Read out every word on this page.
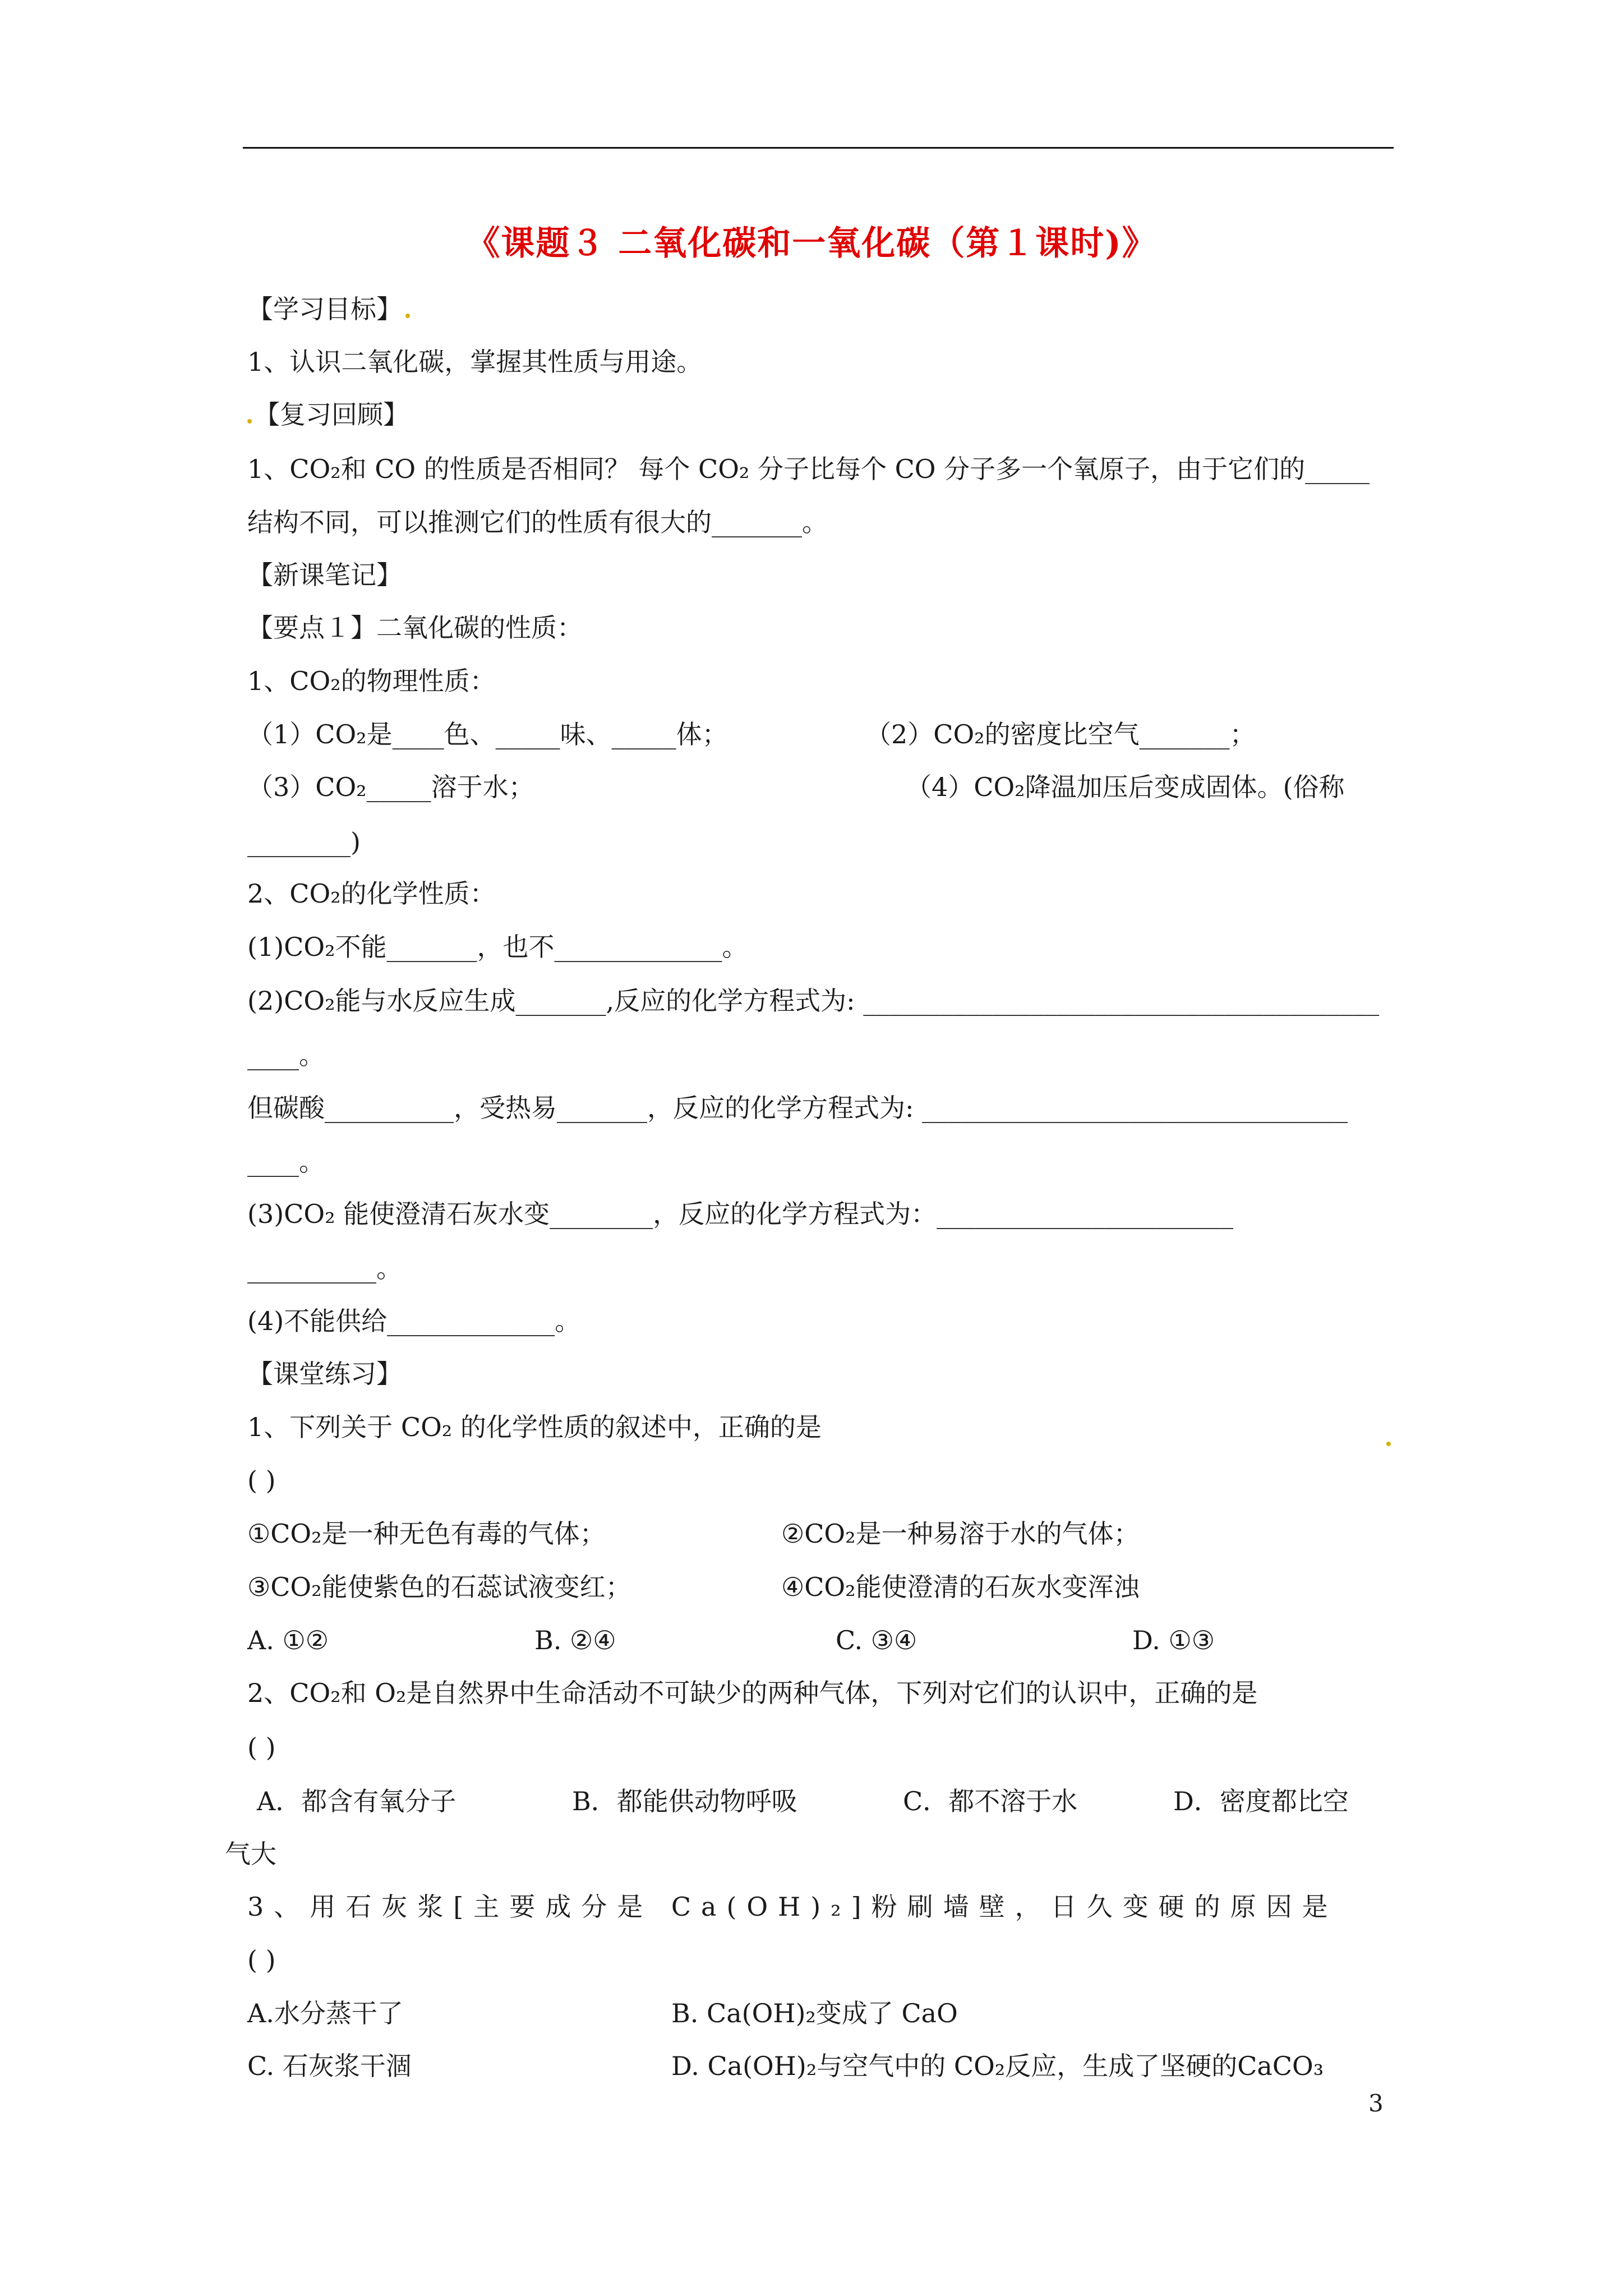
《课题３ 二氧化碳和一氧化碳（第１课时)》
【学习目标】
1、认识二氧化碳，掌握其性质与用途。
【复习回顾】
1、CO₂和 CO 的性质是否相同？ 每个 CO₂ 分子比每个 CO 分子多一个氧原子，由于它们的_____
结构不同，可以推测它们的性质有很大的_______。
【新课笔记】
【要点１】二氧化碳的性质：
1、CO₂的物理性质：
（1）CO₂是____色、_____味、_____体；	（2）CO₂的密度比空气_______；
（3）CO₂_____溶于水；	（4）CO₂降温加压后变成固体。(俗称
________)
2、CO₂的化学性质：
(1)CO₂不能_______，也不_____________。
(2)CO₂能与水反应生成_______,反应的化学方程式为: ________________________________________
____。
但碳酸__________，受热易_______，反应的化学方程式为: _________________________________
____。
(3)CO₂ 能使澄清石灰水变________，反应的化学方程式为：_______________________
__________。
(4)不能供给_____________。
【课堂练习】
1、下列关于 CO₂ 的化学性质的叙述中，正确的是
( )
①CO₂是一种无色有毒的气体；	②CO₂是一种易溶于水的气体；
③CO₂能使紫色的石蕊试液变红；	④CO₂能使澄清的石灰水变浑浊
A. ①②	B. ②④	C. ③④	D. ①③
2、CO₂和 O₂是自然界中生命活动不可缺少的两种气体，下列对它们的认识中，正确的是
( )
A．都含有氧分子	B．都能供动物呼吸	C．都不溶于水	D．密度都比空
气大
3、用石灰浆[主要成分是 Ca(OH)₂]粉刷墙壁，日久变硬的原因是
( )
A.水分蒸干了	B. Ca(OH)₂变成了 CaO
C. 石灰浆干涸	D. Ca(OH)₂与空气中的 CO₂反应，生成了坚硬的CaCO₃
3
